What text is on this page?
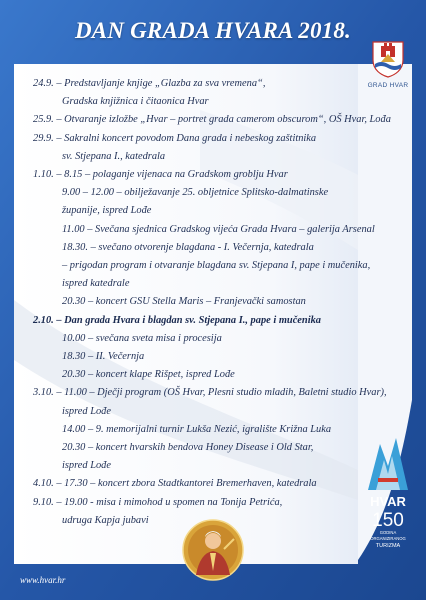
DAN GRADA HVARA 2018.
GRAD HVAR
24.9. – Predstavljanje knjige „Glazba za sva vremena“,
Gradska knjižnica i čitaonica Hvar
25.9. – Otvaranje izložbe „Hvar – portret grada camerom obscurom“, OŠ Hvar, Lođa
29.9. – Sakralni koncert povodom Dana grada i nebeskog zaštitnika
sv. Stjepana I., katedrala
1.10. – 8.15 – polaganje vijenaca na Gradskom groblju Hvar
9.00 – 12.00 – obilježavanje 25. obljetnice Splitsko-dalmatinske
županije, ispred Lođe
11.00 – Svečana sjednica Gradskog vijeća Grada Hvara – galerija Arsenal
18.30. – svečano otvorenje blagdana - I. Večernja, katedrala
– prigodan program i otvaranje blagdana sv. Stjepana I, pape i mučenika,
ispred katedrale
20.30 – koncert GSU Stella Maris – Franjevački samostan
2.10. – Dan grada Hvara i blagdan sv. Stjepana I., pape i mučenika
10.00 – svečana sveta misa i procesija
18.30 – II. Večernja
20.30 – koncert klape Rišpet, ispred Lođe
3.10. – 11.00 – Dječji program (OŠ Hvar, Plesni studio mladih, Baletni studio Hvar),
ispred Lođe
14.00 – 9. memorijalni turnir Lukša Nezić, igralište Križna Luka
20.30 – koncert hvarskih bendova Honey Disease i Old Star,
ispred Lođe
4.10. – 17.30 – koncert zbora Stadtkantorei Bremerhaven, katedrala
9.10. – 19.00 - misa i mimohod u spomen na Tonija Petrića,
udruga Kapja jubavi
HVAR
150
GODINA
ORGANIZIRANOG
TURIZMA
www.hvar.hr
